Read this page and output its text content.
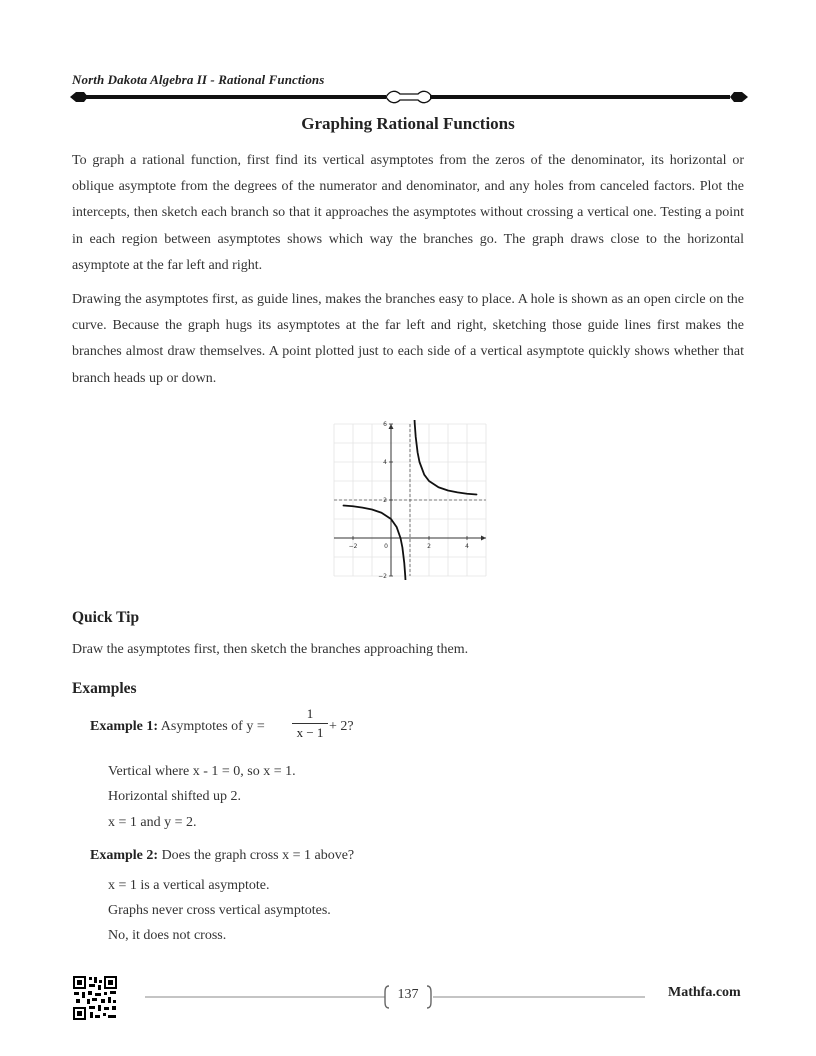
North Dakota Algebra II - Rational Functions
Graphing Rational Functions
To graph a rational function, first find its vertical asymptotes from the zeros of the denominator, its horizontal or oblique asymptote from the degrees of the numerator and denominator, and any holes from canceled factors. Plot the intercepts, then sketch each branch so that it approaches the asymptotes without crossing a vertical one. Testing a point in each region between asymptotes shows which way the branches go. The graph draws close to the horizontal asymptote at the far left and right.
Drawing the asymptotes first, as guide lines, makes the branches easy to place. A hole is shown as an open circle on the curve. Because the graph hugs its asymptotes at the far left and right, sketching those guide lines first makes the branches almost draw themselves. A point plotted just to each side of a vertical asymptote quickly shows whether that branch heads up or down.
−2	2	4
−2
2
4
6
0
Quick Tip
Draw the asymptotes first, then sketch the branches approaching them.
Examples
Example 1: Asymptotes of y =
1
x − 1 + 2?
Vertical where x - 1 = 0, so x = 1.
Horizontal shifted up 2.
x = 1 and y = 2.
Example 2: Does the graph cross x = 1 above?
x = 1 is a vertical asymptote.
Graphs never cross vertical asymptotes.
No, it does not cross.
137	Mathfa.com
